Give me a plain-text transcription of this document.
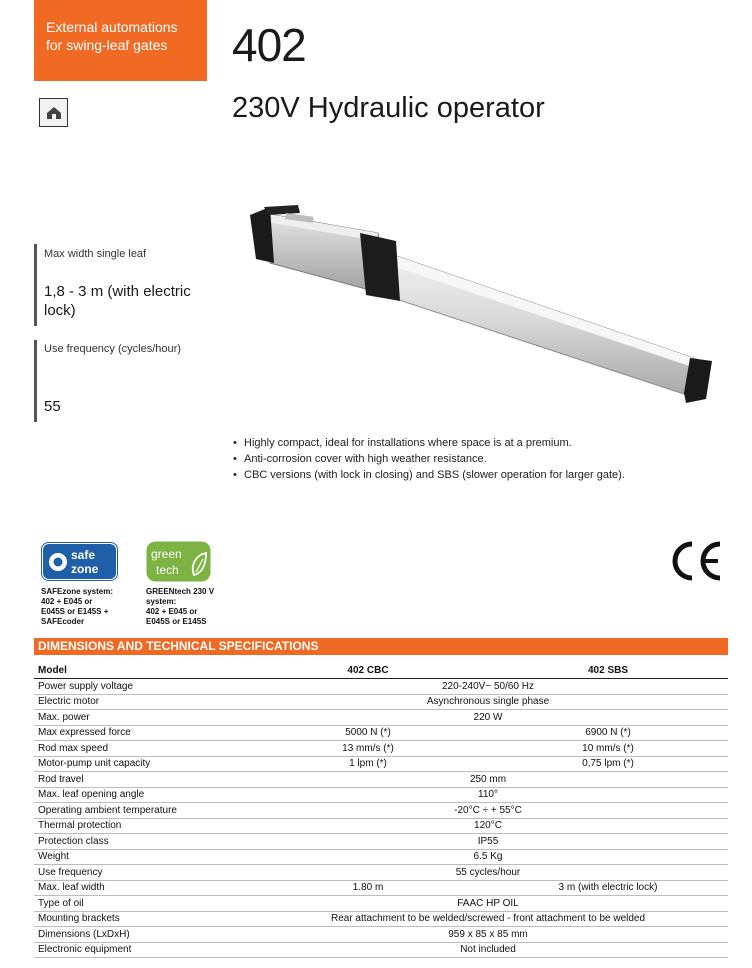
External automations
for swing-leaf gates	402
230V Hydraulic operator
Max width single leaf
1,8 - 3 m (with electric lock)
Use frequency (cycles/hour)
55
• Highly compact, ideal for installations where space is at a premium.
• Anti-corrosion cover with high weather resistance.
• CBC versions (with lock in closing) and SBS (slower operation for larger gate).
safe
zone
SAFEzone system:
402 + E045 or
E045S or E145S +
SAFEcoder
green
tech
GREENtech 230 V
system:
402 + E045 or
E045S or E145S
DIMENSIONS AND TECHNICAL SPECIFICATIONS
Model	402 CBC	402 SBS
Power supply voltage	220-240V~ 50/60 Hz	
Electric motor	Asynchronous single phase	
Max. power	220 W	
Max expressed force	5000 N (*)	6900 N (*)
Rod max speed	13 mm/s (*)	10 mm/s (*)
Motor-pump unit capacity	1 lpm (*)	0,75 lpm (*)
Rod travel	250 mm	
Max. leaf opening angle	110°	
Operating ambient temperature	-20°C ÷ + 55°C	
Thermal protection	120°C	
Protection class	IP55	
Weight	6.5 Kg	
Use frequency	55 cycles/hour	
Max. leaf width	1.80 m	3 m (with electric lock)
Type of oil	FAAC HP OIL	
Mounting brackets	Rear attachment to be welded/screwed - front attachment to be welded	
Dimensions (LxDxH)	959 x 85 x 85 mm	
Electronic equipment	Not included	
